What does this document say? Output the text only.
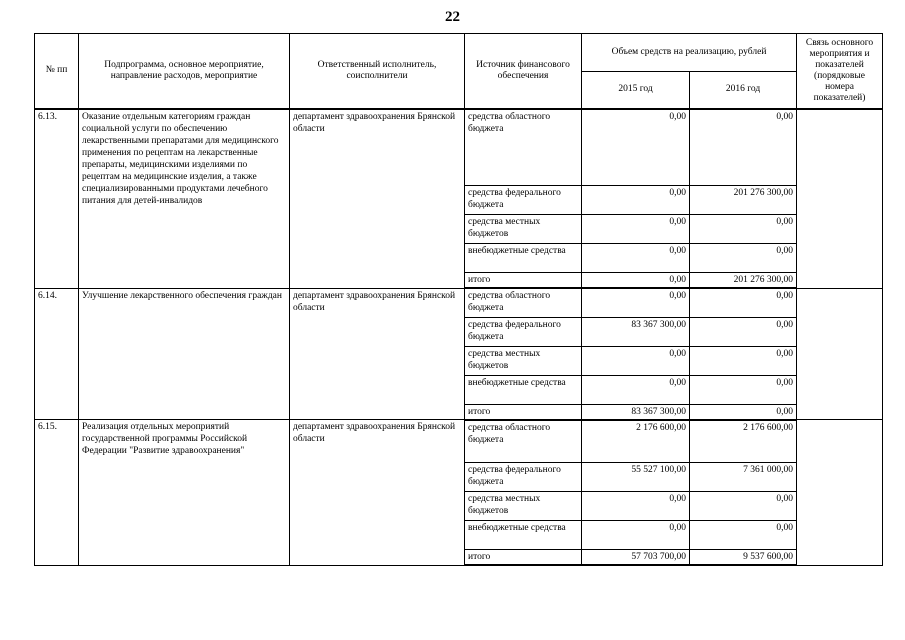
22
№ пп	Подпрограмма, основное мероприятие, направление расходов, мероприятие	Ответственный исполнитель, соисполнители	Источник финансового обеспечения	Объем средств на реализацию, рублей		Связь основного мероприятия и показателей (порядковые номера показателей)
				2015 год	2016 год	
6.13.	Оказание отдельным категориям граждан социальной услуги по обеспечению лекарственными препаратами для медицинского применения по рецептам на лекарственные препараты, медицинскими изделиями по рецептам на медицинские изделия, а также специализированными продуктами лечебного питания для детей-инвалидов	департамент здравоохранения Брянской области	средства областного бюджета	0,00	0,00	
			средства федерального бюджета	0,00	201 276 300,00	
			средства местных бюджетов	0,00	0,00	
			внебюджетные средства	0,00	0,00	
			итого	0,00	201 276 300,00	
6.14.	Улучшение лекарственного обеспечения граждан	департамент здравоохранения Брянской области	средства областного бюджета	0,00	0,00	
			средства федерального бюджета	83 367 300,00	0,00	
			средства местных бюджетов	0,00	0,00	
			внебюджетные средства	0,00	0,00	
			итого	83 367 300,00	0,00	
6.15.	Реализация отдельных мероприятий государственной программы Российской Федерации "Развитие здравоохранения"	департамент здравоохранения Брянской области	средства областного бюджета	2 176 600,00	2 176 600,00	
			средства федерального бюджета	55 527 100,00	7 361 000,00	
			средства местных бюджетов	0,00	0,00	
			внебюджетные средства	0,00	0,00	
			итого	57 703 700,00	9 537 600,00	
